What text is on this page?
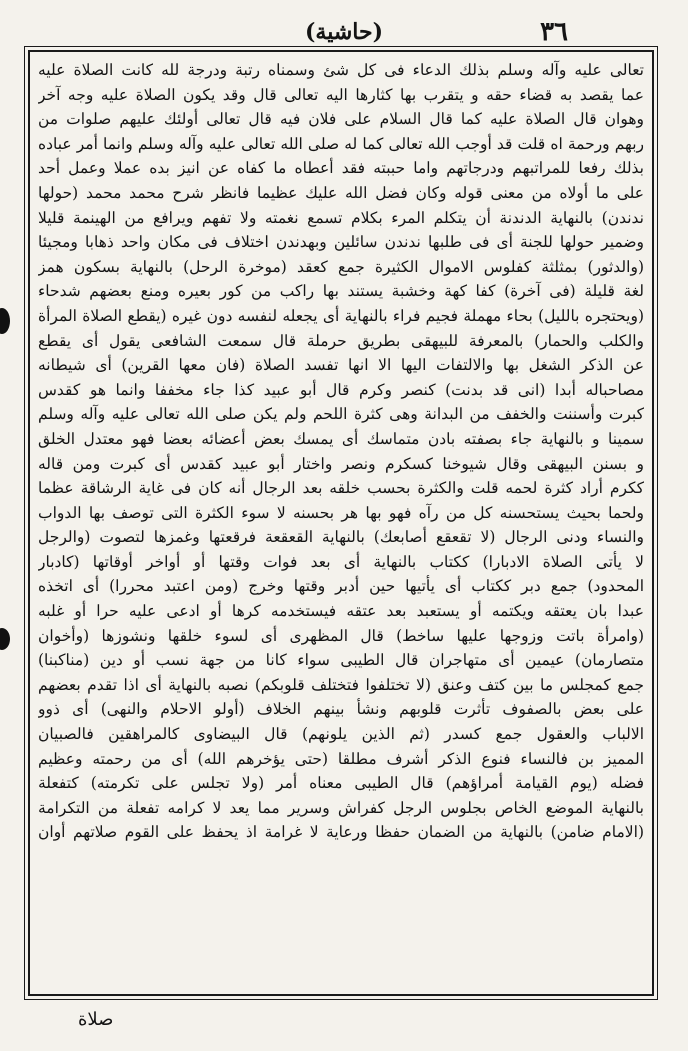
٣٦
(حاشية)
تعالى عليه وآله وسلم بذلك الدعاء فى كل شئ وسمناه رتبة ودرجة لله كانت الصلاة عليه
عما يقصد به قضاء حقه و يتقرب بها كثارها اليه تعالى قال وقد يكون الصلاة عليه وجه آخر
وهوان قال الصلاة عليه كما قال السلام على فلان فيه قال تعالى أولئك عليهم صلوات من
ربهم ورحمة اه قلت قد أوجب الله تعالى كما له صلى الله تعالى عليه وآله وسلم وانما أمر عباده
بذلك رفعا للمراتبهم ودرجاتهم واما حببته فقد أعطاه ما كفاه عن انيز بده عملا وعمل أحد
على ما أولاه من معنى قوله وكان فضل الله عليك عظيما فانظر شرح محمد محمد (حولها
ندندن) بالنهاية الدندنة أن يتكلم المرء بكلام تسمع نغمته ولا تفهم ويرافع من الهينمة قليلا
وضمير حولها للجنة أى فى طلبها ندندن سائلين وبهدندن اختلاف فى مكان واحد ذهابا ومجيئا
(والدثور) بمثلثة كفلوس الاموال الكثيرة جمع كعقد (موخرة الرحل) بالنهاية بسكون همز
لغة قليلة (فى آخرة) كفا كهة وخشبة يستند بها راكب من كور بعيره ومنع بعضهم شدحاء
(ويحتجره بالليل) بحاء مهملة فجيم فراء بالنهاية أى يجعله لنفسه دون غيره (يقطع الصلاة المرأة
والكلب والحمار) بالمعرفة للبيهقى بطريق حرملة قال سمعت الشافعى يقول أى يقطع
عن الذكر الشغل بها والالتفات اليها الا انها تفسد الصلاة (فان معها القرين) أى شيطانه
مصاحباله أبدا (انى قد بدنت) كنصر وكرم قال أبو عبيد كذا جاء مخففا وانما هو كقدس
كبرت وأسننت والخفف من البدانة وهى كثرة اللحم ولم يكن صلى الله تعالى عليه وآله وسلم
سمينا و بالنهاية جاء بصفته بادن متماسك أى يمسك بعض أعضائه بعضا فهو معتدل الخلق
و بسنن البيهقى وقال شيوخنا كسكرم ونصر واختار أبو عبيد كقدس أى كبرت ومن قاله
ككرم أراد كثرة لحمه قلت والكثرة بحسب خلقه بعد الرجال أنه كان فى غاية الرشاقة عظما
ولحما بحيث يستحسنه كل من رآه فهو بها هر بحسنه لا سوء الكثرة التى توصف بها الدواب
والنساء ودنى الرجال (لا تقعقع أصابعك) بالنهاية القعقعة فرقعتها وغمزها لتصوت (والرجل
لا يأتى الصلاة الادبارا) ككتاب بالنهاية أى بعد فوات وقتها أو أواخر أوقاتها (كادبار
المحدود) جمع دبر ككتاب أى يأتيها حين أدبر وقتها وخرج (ومن اعتبد محررا) أى اتخذه
عبدا بان يعتقه ويكتمه أو يستعبد بعد عتقه فيستخدمه كرها أو ادعى عليه حرا أو غلبه
(وامرأة باتت وزوجها عليها ساخط) قال المظهرى أى لسوء خلقها ونشوزها (وأخوان
متصارمان) عيمين أى متهاجران قال الطيبى سواء كانا من جهة نسب أو دين (مناكبنا)
جمع كمجلس ما بين كتف وعنق (لا تختلفوا فتختلف قلوبكم) نصبه بالنهاية أى اذا تقدم بعضهم
على بعض بالصفوف تأثرت قلوبهم ونشأ بينهم الخلاف (أولو الاحلام والنهى) أى ذوو
الالباب والعقول جمع كسدر (ثم الذين يلونهم) قال البيضاوى كالمراهقين فالصبيان
المميز بن فالنساء فنوع الذكر أشرف مطلقا (حتى يؤخرهم الله) أى من رحمته وعظيم
فضله (يوم القيامة أمراؤهم) قال الطيبى معناه أمر (ولا تجلس على تكرمته) كتفعلة
بالنهاية الموضع الخاص بجلوس الرجل كفراش وسرير مما يعد لا كرامه تفعلة من التكرامة
(الامام ضامن) بالنهاية من الضمان حفظا ورعاية لا غرامة اذ يحفظ على القوم صلاتهم أوان
صلاة
